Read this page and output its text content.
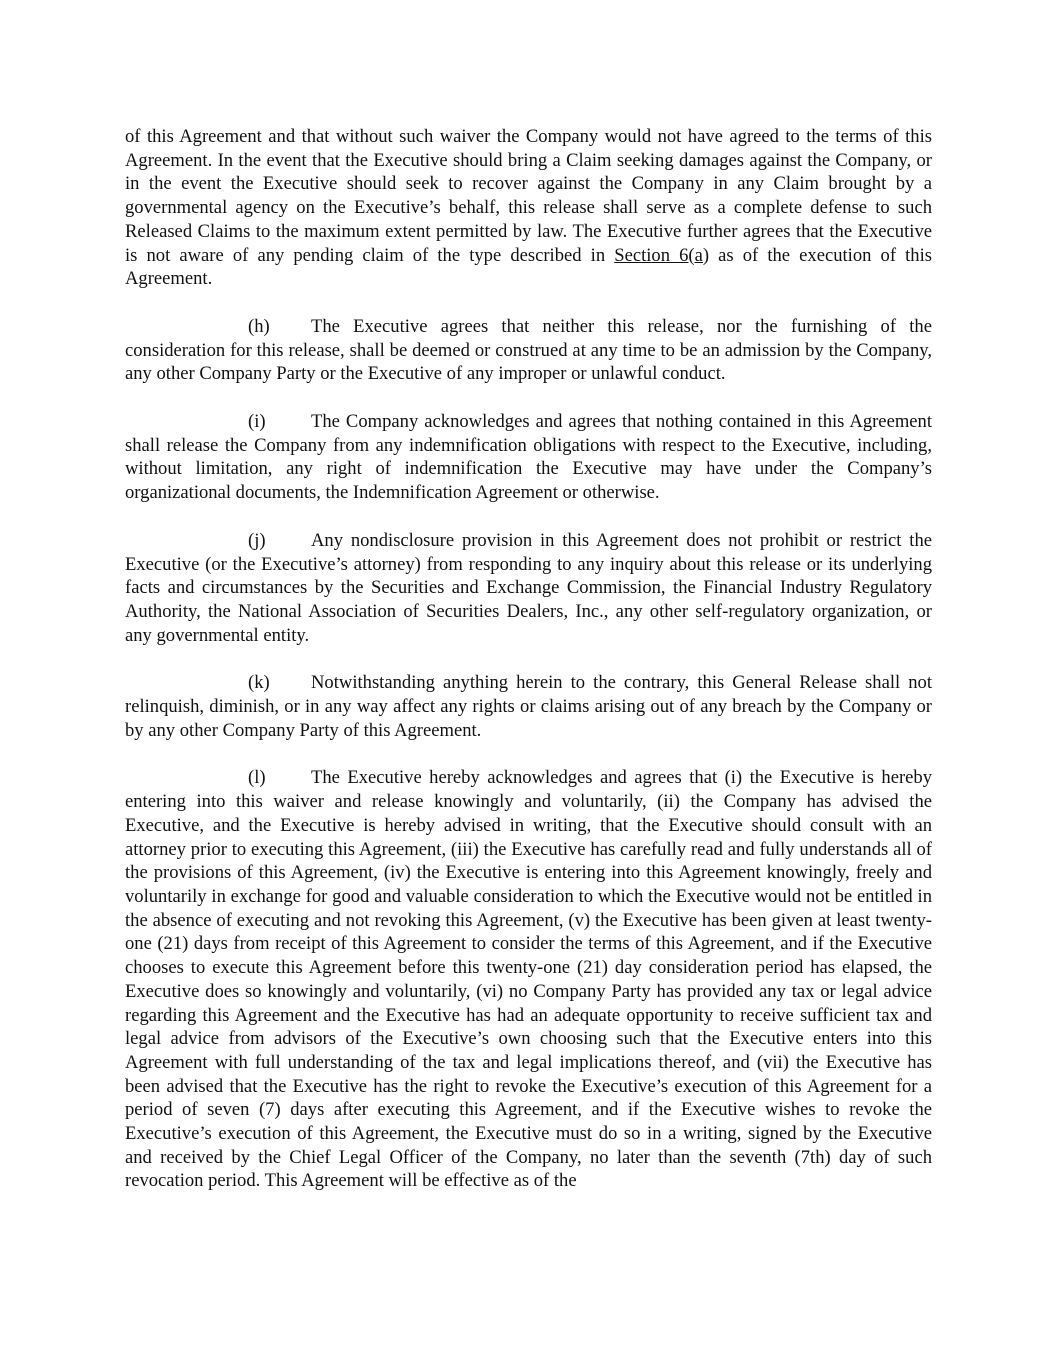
of this Agreement and that without such waiver the Company would not have agreed to the terms of this Agreement. In the event that the Executive should bring a Claim seeking damages against the Company, or in the event the Executive should seek to recover against the Company in any Claim brought by a governmental agency on the Executive’s behalf, this release shall serve as a complete defense to such Released Claims to the maximum extent permitted by law. The Executive further agrees that the Executive is not aware of any pending claim of the type described in Section 6(a) as of the execution of this Agreement.

(h) The Executive agrees that neither this release, nor the furnishing of the consideration for this release, shall be deemed or construed at any time to be an admission by the Company, any other Company Party or the Executive of any improper or unlawful conduct.

(i) The Company acknowledges and agrees that nothing contained in this Agreement shall release the Company from any indemnification obligations with respect to the Executive, including, without limitation, any right of indemnification the Executive may have under the Company’s organizational documents, the Indemnification Agreement or otherwise.

(j) Any nondisclosure provision in this Agreement does not prohibit or restrict the Executive (or the Executive’s attorney) from responding to any inquiry about this release or its underlying facts and circumstances by the Securities and Exchange Commission, the Financial Industry Regulatory Authority, the National Association of Securities Dealers, Inc., any other self-regulatory organization, or any governmental entity.

(k) Notwithstanding anything herein to the contrary, this General Release shall not relinquish, diminish, or in any way affect any rights or claims arising out of any breach by the Company or by any other Company Party of this Agreement.

(l) The Executive hereby acknowledges and agrees that (i) the Executive is hereby entering into this waiver and release knowingly and voluntarily, (ii) the Company has advised the Executive, and the Executive is hereby advised in writing, that the Executive should consult with an attorney prior to executing this Agreement, (iii) the Executive has carefully read and fully understands all of the provisions of this Agreement, (iv) the Executive is entering into this Agreement knowingly, freely and voluntarily in exchange for good and valuable consideration to which the Executive would not be entitled in the absence of executing and not revoking this Agreement, (v) the Executive has been given at least twenty-one (21) days from receipt of this Agreement to consider the terms of this Agreement, and if the Executive chooses to execute this Agreement before this twenty-one (21) day consideration period has elapsed, the Executive does so knowingly and voluntarily, (vi) no Company Party has provided any tax or legal advice regarding this Agreement and the Executive has had an adequate opportunity to receive sufficient tax and legal advice from advisors of the Executive’s own choosing such that the Executive enters into this Agreement with full understanding of the tax and legal implications thereof, and (vii) the Executive has been advised that the Executive has the right to revoke the Executive’s execution of this Agreement for a period of seven (7) days after executing this Agreement, and if the Executive wishes to revoke the Executive’s execution of this Agreement, the Executive must do so in a writing, signed by the Executive and received by the Chief Legal Officer of the Company, no later than the seventh (7th) day of such revocation period. This Agreement will be effective as of the
